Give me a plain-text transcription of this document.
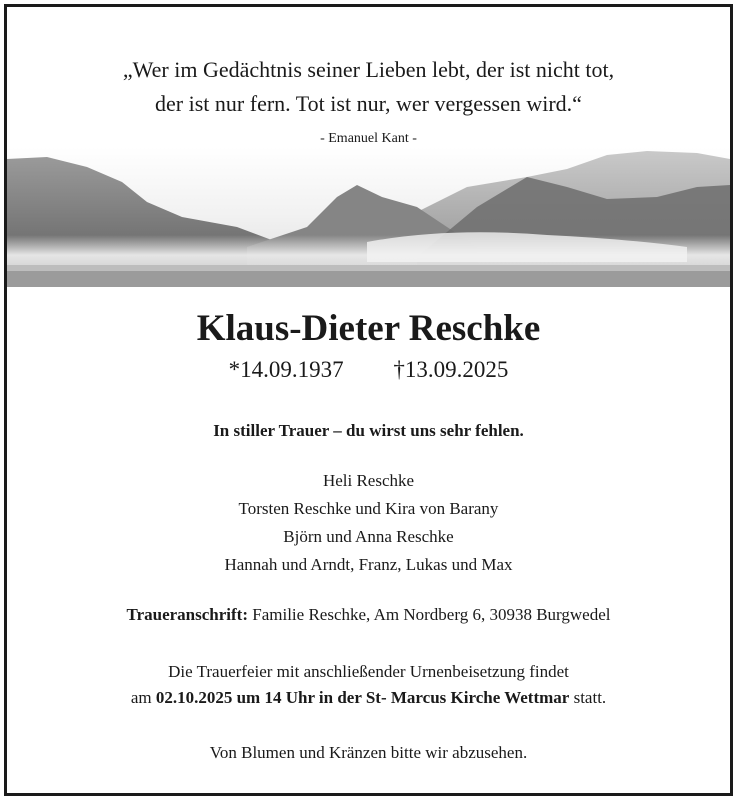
„Wer im Gedächtnis seiner Lieben lebt, der ist nicht tot,
der ist nur fern. Tot ist nur, wer vergessen wird.“
- Emanuel Kant -
Klaus-Dieter Reschke
*14.09.1937 †13.09.2025
In stiller Trauer – du wirst uns sehr fehlen.
Heli Reschke
Torsten Reschke und Kira von Barany
Björn und Anna Reschke
Hannah und Arndt, Franz, Lukas und Max
Traueranschrift: Familie Reschke, Am Nordberg 6, 30938 Burgwedel
Die Trauerfeier mit anschließender Urnenbeisetzung findet
am 02.10.2025 um 14 Uhr in der St- Marcus Kirche Wettmar statt.
Von Blumen und Kränzen bitte wir abzusehen.
